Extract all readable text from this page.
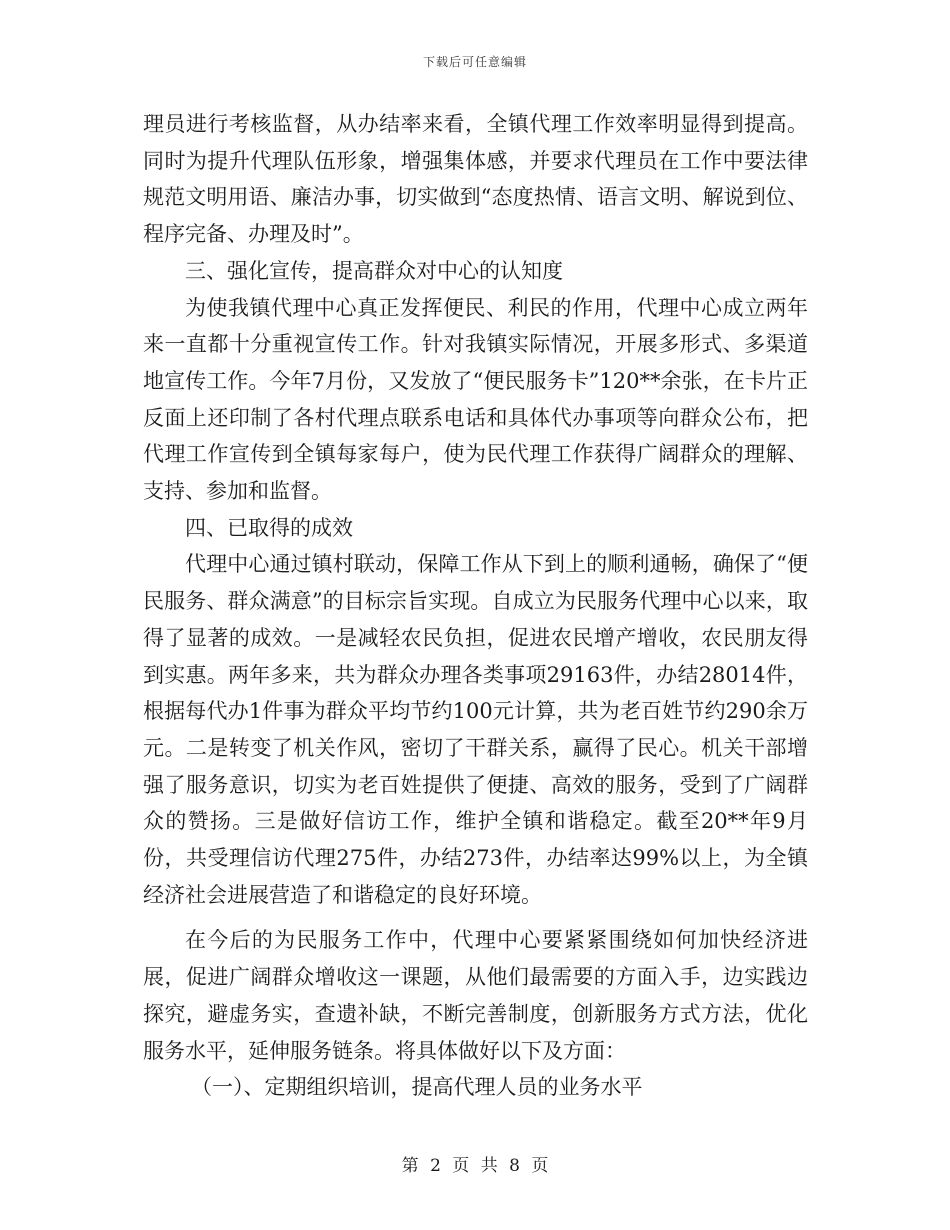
下载后可任意编辑

理员进行考核监督，从办结率来看，全镇代理工作效率明显得到提高。同时为提升代理队伍形象，增强集体感，并要求代理员在工作中要法律规范文明用语、廉洁办事，切实做到“态度热情、语言文明、解说到位、程序完备、办理及时”。

三、强化宣传，提高群众对中心的认知度

为使我镇代理中心真正发挥便民、利民的作用，代理中心成立两年来一直都十分重视宣传工作。针对我镇实际情况，开展多形式、多渠道地宣传工作。今年7月份，又发放了“便民服务卡”120**余张，在卡片正反面上还印制了各村代理点联系电话和具体代办事项等向群众公布，把代理工作宣传到全镇每家每户，使为民代理工作获得广阔群众的理解、支持、参加和监督。

四、已取得的成效

代理中心通过镇村联动，保障工作从下到上的顺利通畅，确保了“便民服务、群众满意”的目标宗旨实现。自成立为民服务代理中心以来，取得了显著的成效。一是减轻农民负担，促进农民增产增收，农民朋友得到实惠。两年多来，共为群众办理各类事项29163件，办结28014件，根据每代办1件事为群众平均节约100元计算，共为老百姓节约290余万元。二是转变了机关作风，密切了干群关系，赢得了民心。机关干部增强了服务意识，切实为老百姓提供了便捷、高效的服务，受到了广阔群众的赞扬。三是做好信访工作，维护全镇和谐稳定。截至20**年9月份，共受理信访代理275件，办结273件，办结率达99%以上，为全镇经济社会进展营造了和谐稳定的良好环境。

在今后的为民服务工作中，代理中心要紧紧围绕如何加快经济进展，促进广阔群众增收这一课题，从他们最需要的方面入手，边实践边探究，避虚务实，查遗补缺，不断完善制度，创新服务方式方法，优化服务水平，延伸服务链条。将具体做好以下及方面：

（一）、定期组织培训，提高代理人员的业务水平

第 2 页 共 8 页
